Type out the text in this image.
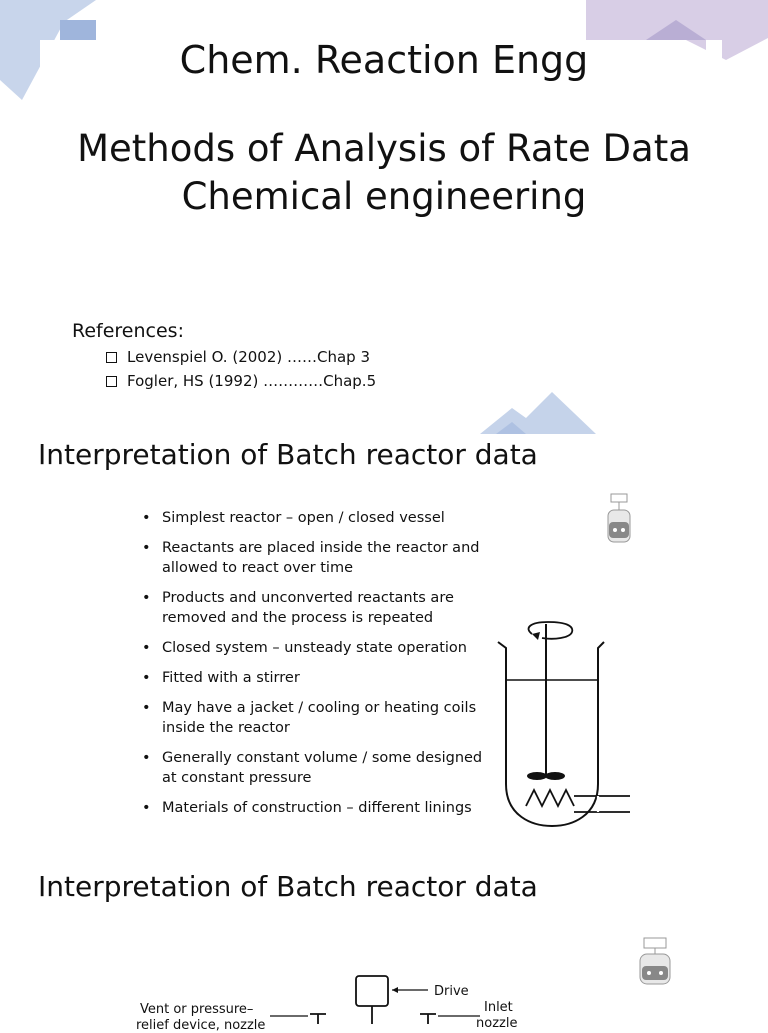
Chem. Reaction Engg
Methods of Analysis of Rate Data
Chemical engineering
References:
Levenspiel O. (2002) ……Chap 3
Fogler, HS (1992) …………Chap.5
Interpretation of Batch reactor data
• Simplest reactor – open / closed vessel
• Reactants are placed inside the reactor and allowed to react over time
• Products and unconverted reactants are removed and the process is repeated
• Closed system – unsteady state operation
• Fitted with a stirrer
• May have a jacket / cooling or heating coils inside the reactor
• Generally constant volume / some designed at constant pressure
• Materials of construction – different linings
Interpretation of Batch reactor data
Vent or pressure–
relief device, nozzle
Drive
Inlet
nozzle
